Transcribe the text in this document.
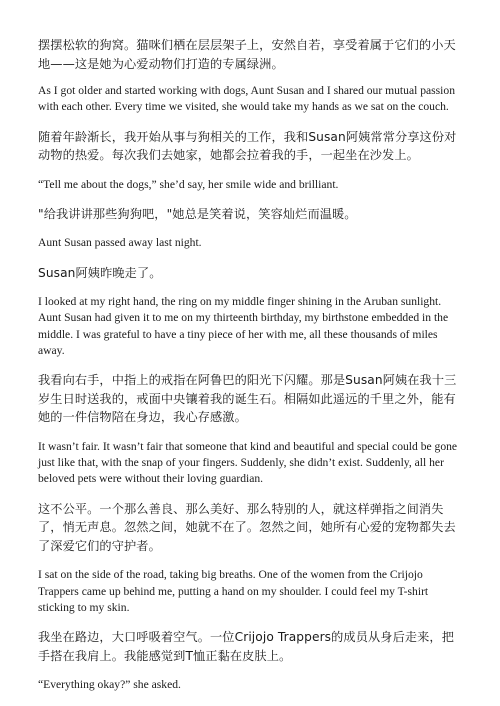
摆摆松软的狗窝。猫咪们栖在层层架子上，安然自若，享受着属于它们的小天地——这是她为心爱动物们打造的专属绿洲。

As I got older and started working with dogs, Aunt Susan and I shared our mutual passion with each other. Every time we visited, she would take my hands as we sat on the couch.

随着年龄渐长，我开始从事与狗相关的工作，我和Susan阿姨常常分享这份对动物的热爱。每次我们去她家，她都会拉着我的手，一起坐在沙发上。

“Tell me about the dogs,” she’d say, her smile wide and brilliant.

"给我讲讲那些狗狗吧，"她总是笑着说，笑容灿烂而温暖。

Aunt Susan passed away last night.

Susan阿姨昨晚走了。

I looked at my right hand, the ring on my middle finger shining in the Aruban sunlight. Aunt Susan had given it to me on my thirteenth birthday, my birthstone embedded in the middle. I was grateful to have a tiny piece of her with me, all these thousands of miles away.

我看向右手，中指上的戒指在阿鲁巴的阳光下闪耀。那是Susan阿姨在我十三岁生日时送我的，戒面中央镶着我的诞生石。相隔如此遥远的千里之外，能有她的一件信物陪在身边，我心存感激。

It wasn’t fair. It wasn’t fair that someone that kind and beautiful and special could be gone just like that, with the snap of your fingers. Suddenly, she didn’t exist. Suddenly, all her beloved pets were without their loving guardian.

这不公平。一个那么善良、那么美好、那么特别的人，就这样弹指之间消失了，悄无声息。忽然之间，她就不在了。忽然之间，她所有心爱的宠物都失去了深爱它们的守护者。

I sat on the side of the road, taking big breaths. One of the women from the Crijojo Trappers came up behind me, putting a hand on my shoulder. I could feel my T-shirt sticking to my skin.

我坐在路边，大口呼吸着空气。一位Crijojo Trappers的成员从身后走来，把手搭在我肩上。我能感觉到T恤正黏在皮肤上。

“Everything okay?” she asked.
